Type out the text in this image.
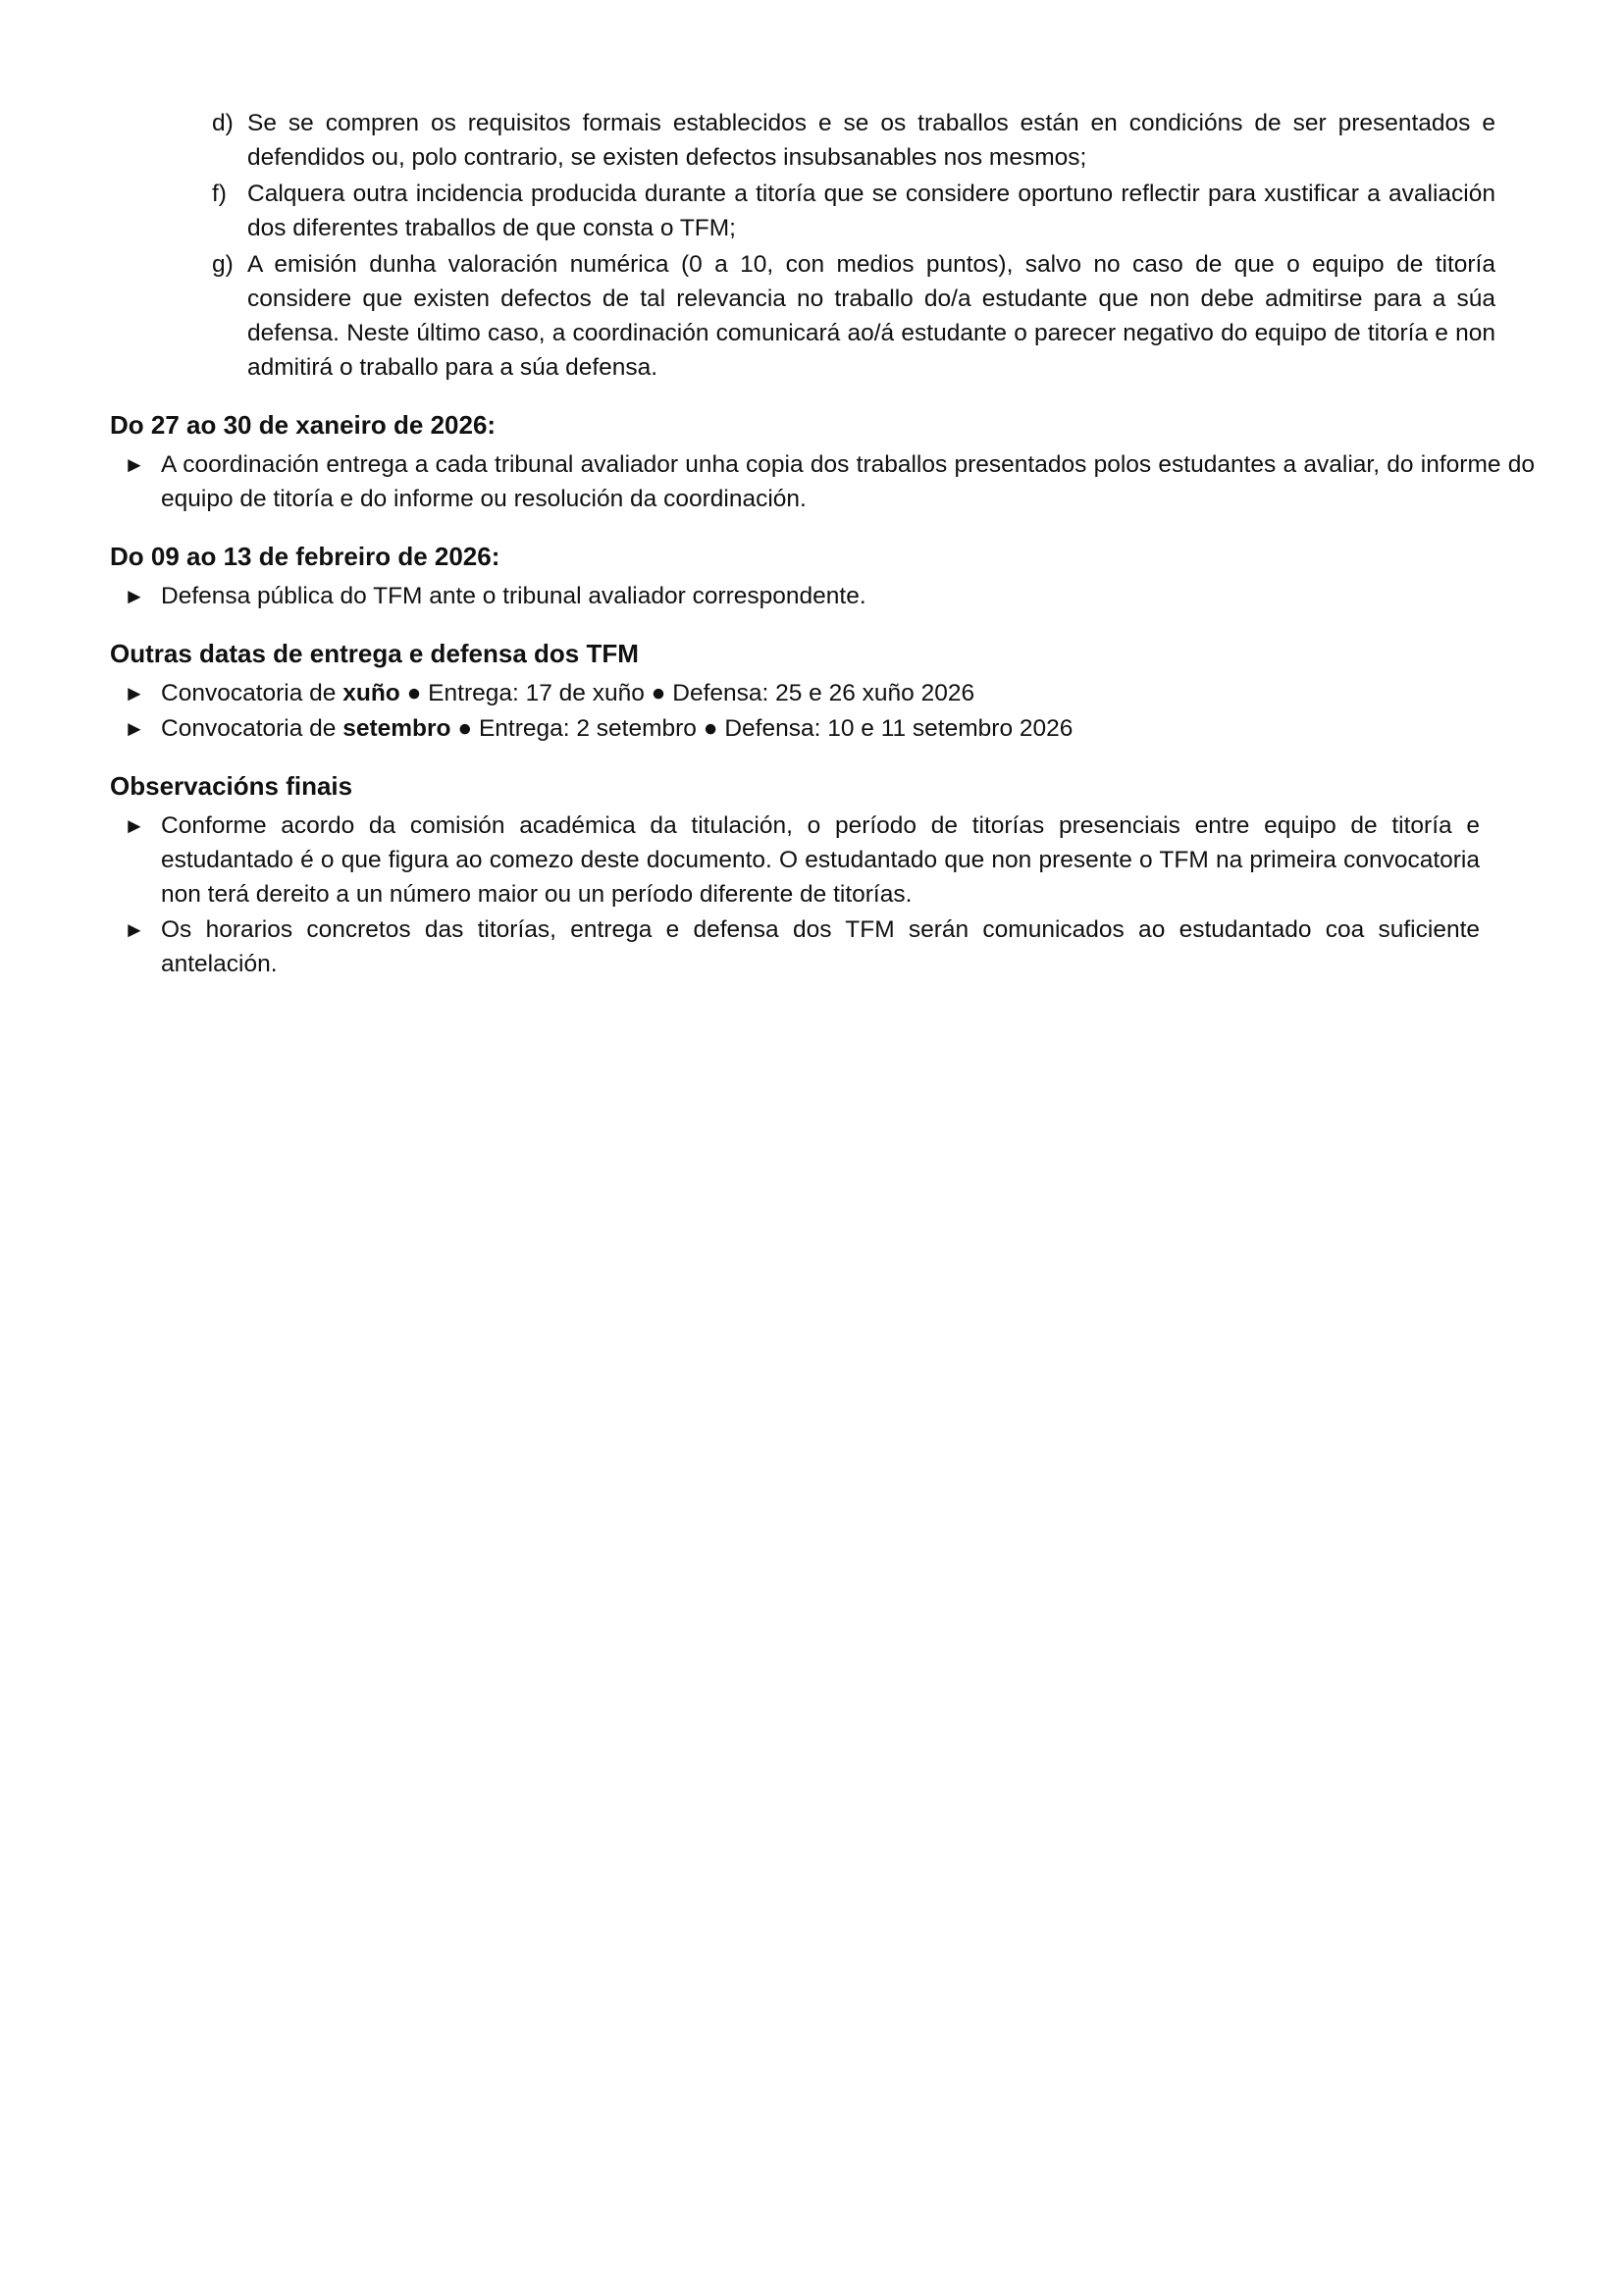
d) Se se compren os requisitos formais establecidos e se os traballos están en condicións de ser presentados e defendidos ou, polo contrario, se existen defectos insubsanables nos mesmos;
f) Calquera outra incidencia producida durante a titoría que se considere oportuno reflectir para xustificar a avaliación dos diferentes traballos de que consta o TFM;
g) A emisión dunha valoración numérica (0 a 10, con medios puntos), salvo no caso de que o equipo de titoría considere que existen defectos de tal relevancia no traballo do/a estudante que non debe admitirse para a súa defensa. Neste último caso, a coordinación comunicará ao/á estudante o parecer negativo do equipo de titoría e non admitirá o traballo para a súa defensa.
Do 27 ao 30 de xaneiro de 2026:
► A coordinación entrega a cada tribunal avaliador unha copia dos traballos presentados polos estudantes a avaliar, do informe do equipo de titoría e do informe ou resolución da coordinación.
Do 09 ao 13 de febreiro de 2026:
► Defensa pública do TFM ante o tribunal avaliador correspondente.
Outras datas de entrega e defensa dos TFM
► Convocatoria de xuño ● Entrega: 17 de xuño ● Defensa: 25 e 26 xuño 2026
► Convocatoria de setembro ● Entrega: 2 setembro ● Defensa: 10 e 11 setembro 2026
Observacións finais
► Conforme acordo da comisión académica da titulación, o período de titorías presenciais entre equipo de titoría e estudantado é o que figura ao comezo deste documento. O estudantado que non presente o TFM na primeira convocatoria non terá dereito a un número maior ou un período diferente de titorías.
► Os horarios concretos das titorías, entrega e defensa dos TFM serán comunicados ao estudantado coa suficiente antelación.
